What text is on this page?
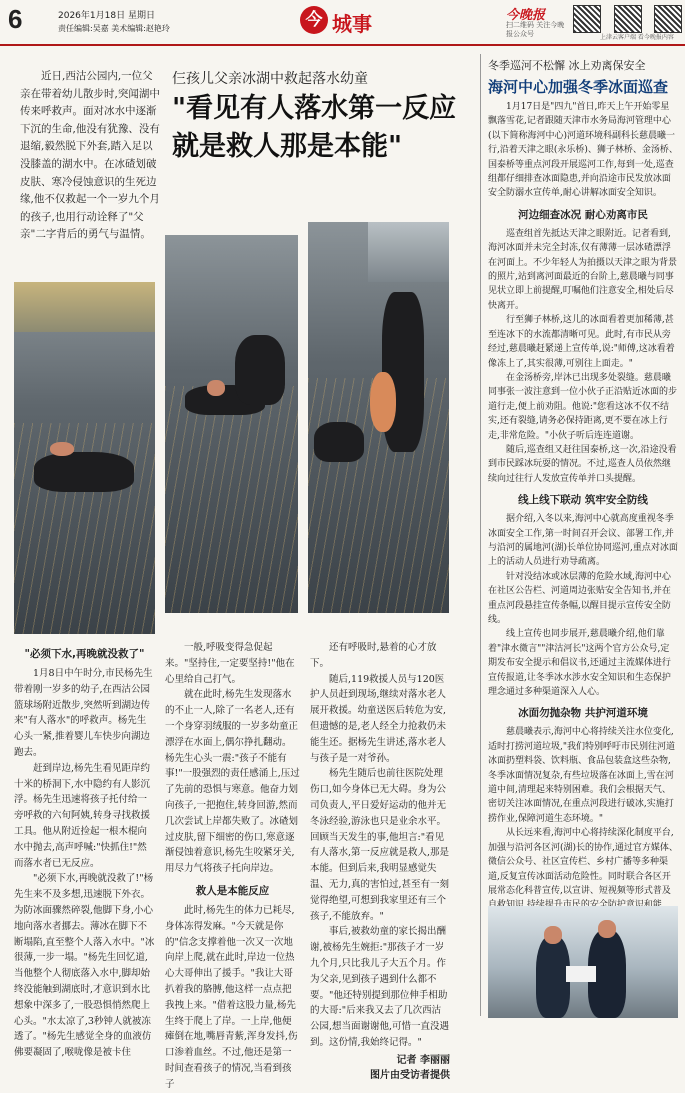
6	2026年1月18日 星期日
责任编辑:吴嘉 美术编辑:赵艳玲	今 城事	今晚报
扫二维码 关注今晚报公众号	上津云客户端 看今晚报内容
近日,西沽公园内,一位父亲在带着幼儿散步时,突闻湖中传来呼救声。面对冰水中逐渐下沉的生命,他没有犹豫、没有退缩,毅然脱下外套,踏入足以没膝盖的湖水中。在冰碴划破皮肤、寒冷侵蚀意识的生死边缘,他不仅救起一个一岁九个月的孩子,也用行动诠释了"父亲"二字背后的勇气与温情。
仨孩儿父亲冰湖中救起落水幼童
"看见有人落水第一反应就是救人那是本能"
"必须下水,再晚就没救了"

1月8日中午时分,市民杨先生带着刚一岁多的幼子,在西沽公园篮球场附近散步,突然听到湖边传来"有人落水"的呼救声。杨先生心头一紧,推着婴儿车快步向湖边跑去。

赶到岸边,杨先生看见距岸约十米的桥洞下,水中隐约有人影沉浮。杨先生迅速将孩子托付给一旁呼救的六旬阿姨,转身寻找救援工具。他从附近捡起一根木棍向水中抛去,高声呼喊:"快抓住!"然而落水者已无反应。

"必须下水,再晚就没救了!"杨先生来不及多想,迅速脱下外衣。为防冰面骤然碎裂,他脚下身,小心地向落水者挪去。薄冰在脚下不断塌陷,直至整个人落入水中。"冰很薄,一步一塌。"杨先生回忆道,当他整个人彻底落入水中,脚却始终没能触到湖底时,才意识到水比想象中深多了,一股恐惧悄然爬上心头。"水太凉了,3秒钟人就被冻透了。"杨先生感觉全身的血液仿佛要凝固了,喉咙像是被卡住

一般,呼吸变得急促起来。"坚持住,一定要坚持!"他在心里给自己打气。

就在此时,杨先生发现落水的不止一人,除了一名老人,还有一个身穿羽绒服的一岁多幼童正漂浮在水面上,偶尔挣扎翻动。杨先生心头一震:"孩子不能有事!"一股强烈的责任感涌上,压过了先前的恐惧与寒意。他奋力划向孩子,一把抱住,转身回游,然而几次尝试上岸都失败了。冰碴划过皮肤,留下细密的伤口,寒意逐渐侵蚀着意识,杨先生咬紧牙关,用尽力气将孩子托向岸边。

救人是本能反应

此时,杨先生的体力已耗尽,身体冻得发麻。"今天就是你的"信念支撑着他一次又一次地向岸上爬,就在此时,岸边一位热心大哥伸出了援手。"我让大哥扒着我的胳膊,他这样一点点把我拽上来。"借着这股力量,杨先生终于爬上了岸。一上岸,他便瘫倒在地,嘴唇青紫,浑身发抖,伤口渗着血丝。不过,他还是第一时间查看孩子的情况,当看到孩子

还有呼吸时,悬着的心才放下。

随后,119救援人员与120医护人员赶到现场,继续对落水老人展开救援。幼童送医后转危为安,但遗憾的是,老人经全力抢救仍未能生还。据杨先生讲述,落水老人与孩子是一对爷孙。

杨先生随后也前往医院处理伤口,如今身体已无大碍。身为公司负责人,平日爱好运动的他并无冬泳经验,游泳也只是业余水平。回顾当天发生的事,他坦言:"看见有人落水,第一反应就是救人,那是本能。但到后来,我明显感觉失温、无力,真的害怕过,甚至有一刻觉得绝望,可想到我家里还有三个孩子,不能放弃。"

事后,被救幼童的家长揭出酬谢,被杨先生婉拒:"那孩子才一岁九个月,只比我儿子大五个月。作为父亲,见到孩子遇到什么都不要。"他还特别提到那位伸手相助的大哥:"后来我又去了几次西沽公园,想当面谢谢他,可惜一直没遇到。这份情,我始终记得。"

记者 李丽丽
图片由受访者提供
冬季巡河不松懈 冰上劝离保安全
海河中心加强冬季冰面巡查

1月17日是"四九"首日,昨天上午开始零星飘落雪花,记者跟随天津市水务局海河管理中心(以下简称海河中心)河道环境科副科长慈晨曦一行,沿着天津之眼(永乐桥)、狮子林桥、金汤桥、国泰桥等重点河段开展巡河工作,每到一处,巡查组都仔细排查冰面隐患,并向沿途市民发放冰面安全防溺水宣传单,耐心讲解冰面安全知识。

河边细查冰况 耐心劝离市民

巡查组首先抵达天津之眼附近。记者看到,海河冰面并未完全封冻,仅有薄薄一层冰碴漂浮在河面上。不少年轻人为拍摄以天津之眼为背景的照片,站到离河面最近的台阶上,慈晨曦与同事见状立即上前提醒,叮嘱他们注意安全,相处后尽快离开。

行至狮子林桥,这儿的冰面看着更加稀薄,甚至连冰下的水流都清晰可见。此时,有市民从旁经过,慈晨曦赶紧递上宣传单,说:"师傅,这冰看着像冻上了,其实很薄,可别往上面走。"

在金汤桥旁,岸沐已出现多处裂缝。慈晨曦同事张一波注意到一位小伙子正沿贴近冰面的步道行走,便上前劝阻。他说:"您看这冰不仅不结实,还有裂缝,请务必保持距离,更不要在冰上行走,非常危险。"小伙子听后连连道谢。

随后,巡查组又赶往国泰桥,这一次,沿途没看到市民踩冰玩耍的情况。不过,巡查人员依然继续向过往行人发放宣传单并口头提醒。

线上线下联动 筑牢安全防线

据介绍,入冬以来,海河中心就高度重视冬季冰面安全工作,第一时间召开会议、部署工作,并与沿河的属地河(湖)长单位协同巡河,重点对冰面上的活动人员进行劝导疏离。

针对没结冰或冰层薄的危险水域,海河中心在社区公告栏、河道周边张贴安全告知书,并在重点河段悬挂宣传条幅,以醒目提示宣传安全防线。

线上宣传也同步展开,慈晨曦介绍,他们靠着"津水微言""津沽河长"这两个官方公众号,定期发布安全提示和倡议书,还通过主流媒体进行宣传报道,让冬季冰水涉水安全知识和生态保护理念通过多种渠道深入人心。

冰面勿抛杂物 共护河道环境

慈晨曦表示,海河中心将持续关注水位变化,适时打捞河道垃圾,"我们特别呼吁市民别往河道冰面扔塑料袋、饮料瓶、食品包装盒这些杂物,冬季冰面情况复杂,有些垃圾落在冰面上,雪在河道中间,清理起来特别困难。我们会根据天气、密切关注冰面情况,在重点河段进行破冰,实施打捞作业,保障河道生态环境。"

从长远来看,海河中心将持续深化制度平台,加强与沿河各区河(湖)长的协作,通过官方媒体、微信公众号、社区宣传栏、乡村广播等多种渠道,反复宣传冰面活动危险性。同时联合各区开展常态化科普宣传,以宣讲、短视频等形式普及
